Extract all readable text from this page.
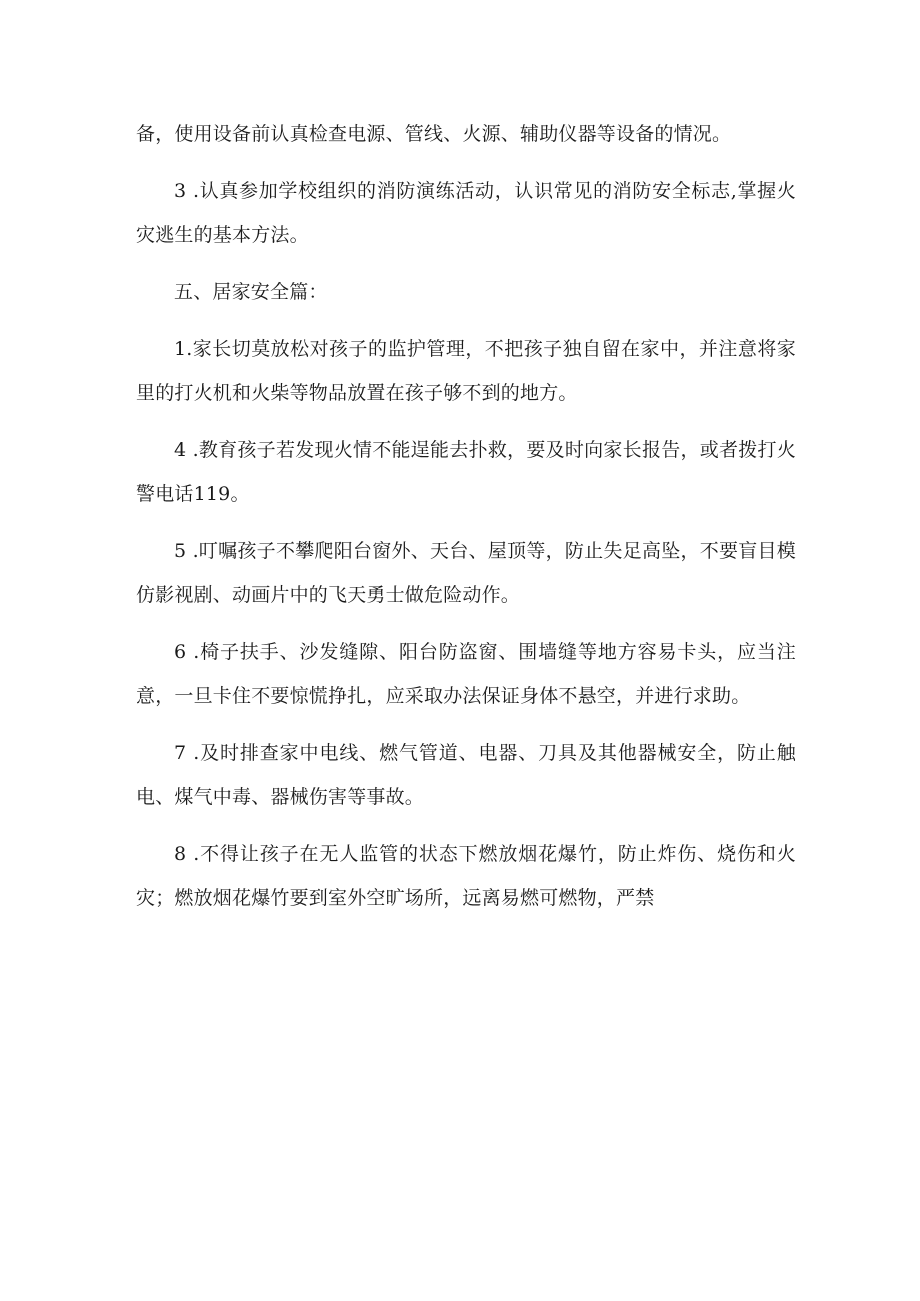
备，使用设备前认真检查电源、管线、火源、辅助仪器等设备的情况。

3 .认真参加学校组织的消防演练活动，认识常见的消防安全标志,掌握火灾逃生的基本方法。

五、居家安全篇：

1.家长切莫放松对孩子的监护管理，不把孩子独自留在家中，并注意将家里的打火机和火柴等物品放置在孩子够不到的地方。

4 .教育孩子若发现火情不能逞能去扑救，要及时向家长报告，或者拨打火警电话119。

5 .叮嘱孩子不攀爬阳台窗外、天台、屋顶等，防止失足高坠，不要盲目模仿影视剧、动画片中的飞天勇士做危险动作。

6 .椅子扶手、沙发缝隙、阳台防盗窗、围墙缝等地方容易卡头，应当注意，一旦卡住不要惊慌挣扎，应采取办法保证身体不悬空，并进行求助。

7 .及时排查家中电线、燃气管道、电器、刀具及其他器械安全，防止触电、煤气中毒、器械伤害等事故。

8 .不得让孩子在无人监管的状态下燃放烟花爆竹，防止炸伤、烧伤和火灾；燃放烟花爆竹要到室外空旷场所，远离易燃可燃物，严禁
